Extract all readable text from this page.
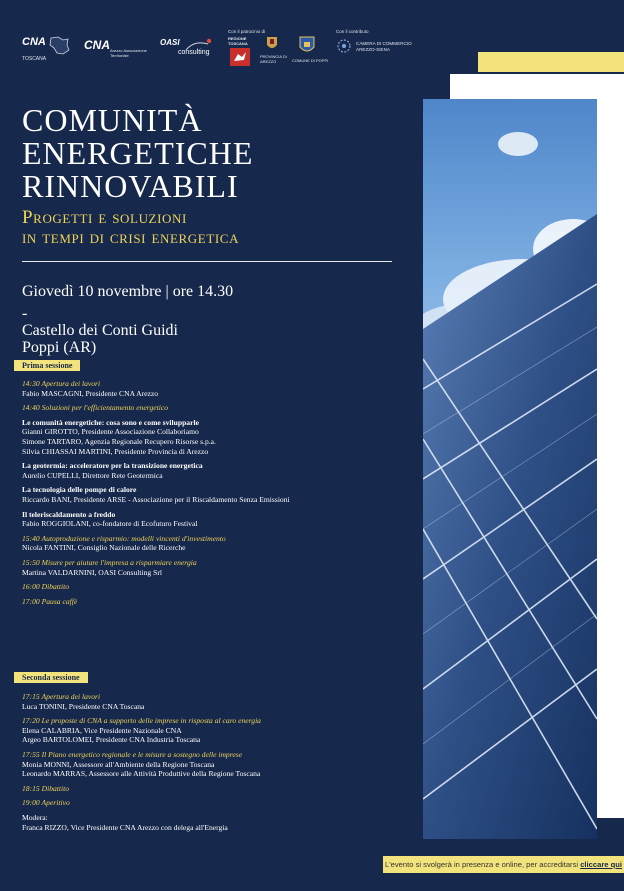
CNA
TOSCANA
CNA Arezzo Associazione Territoriale
OASI
consulting
Con il patrocinio di
REGIONE TOSCANA
PROVINCIA DI AREZZO	COMUNE DI POPPI
Con il contributo
CAMERA DI COMMERCIO AREZZO-SIENA
COMUNITÀ
ENERGETICHE
RINNOVABILI
Progetti e soluzioni
in tempi di crisi energetica
Giovedì 10 novembre | ore 14.30
-
Castello dei Conti Guidi
Poppi (AR)
Prima sessione
14:30 Apertura dei lavori
Fabio MASCAGNI, Presidente CNA Arezzo
14:40 Soluzioni per l'efficientamento energetico
Le comunità energetiche: cosa sono e come svilupparle
Gianni GIROTTO, Presidente Associazione Collaboriamo
Simone TARTARO, Agenzia Regionale Recupero Risorse s.p.a.
Silvia CHIASSAI MARTINI, Presidente Provincia di Arezzo
La geotermia: acceleratore per la transizione energetica
Aurelio CUPELLI, Direttore Rete Geotermica
La tecnologia delle pompe di calore
Riccardo BANI, Presidente ARSE - Associazione per il Riscaldamento Senza Emissioni
Il teleriscaldamento a freddo
Fabio ROGGIOLANI, co-fondatore di Ecofuturo Festival
15:40 Autoproduzione e risparmio: modelli vincenti d'investimento
Nicola FANTINI, Consiglio Nazionale delle Ricerche
15:50 Misure per aiutare l'impresa a risparmiare energia
Martina VALDARNINI, OASI Consulting Srl
16:00 Dibattito
17:00 Pausa caffè
Seconda sessione
17:15 Apertura dei lavori
Luca TONINI, Presidente CNA Toscana
17:20 Le proposte di CNA a supporto delle imprese in risposta al caro energia
Elena CALABRIA, Vice Presidente Nazionale CNA
Argeo BARTOLOMEI, Presidente CNA Industria Toscana
17:55 Il Piano energetico regionale e le misure a sostegno delle imprese
Monia MONNI, Assessore all'Ambiente della Regione Toscana
Leonardo MARRAS, Assessore alle Attività Produttive della Regione Toscana
18:15 Dibattito
19:00 Aperitivo
Modera:
Franca RIZZO, Vice Presidente CNA Arezzo con delega all'Energia
L'evento si svolgerà in presenza e online, per accreditarsi cliccare qui
